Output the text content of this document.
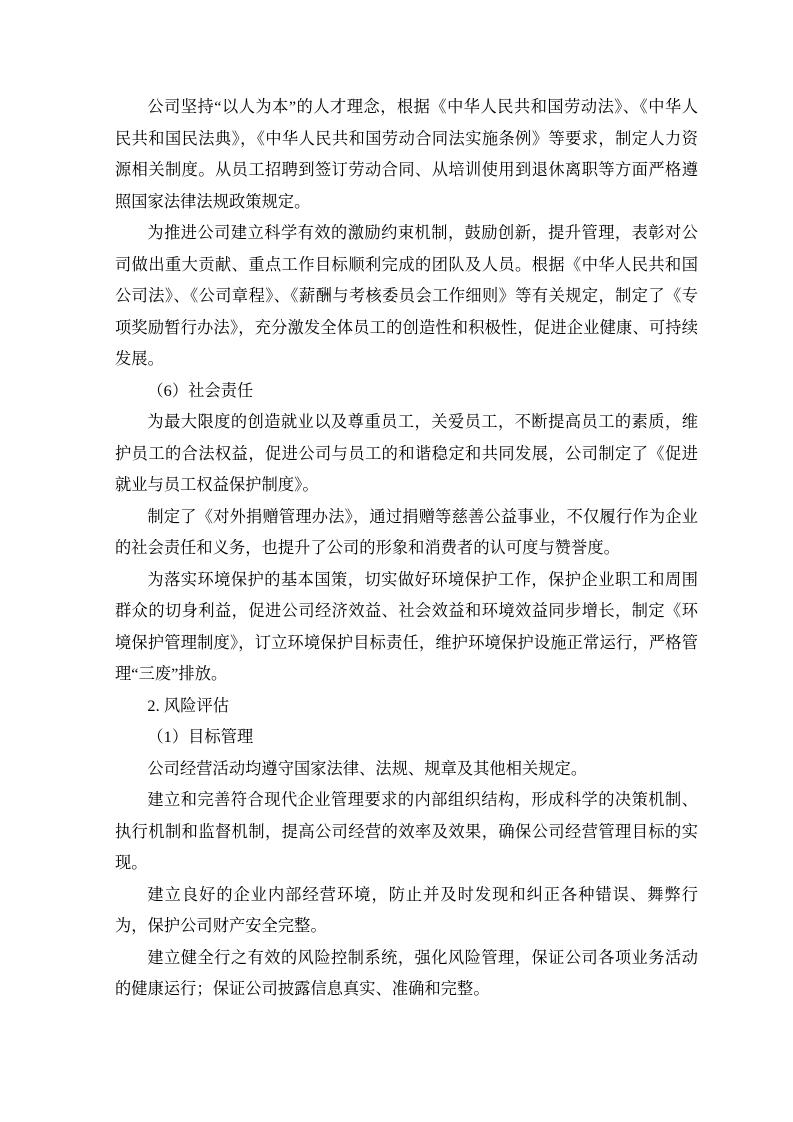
公司坚持“以人为本”的人才理念，根据《中华人民共和国劳动法》、《中华人民共和国民法典》，《中华人民共和国劳动合同法实施条例》等要求，制定人力资源相关制度。从员工招聘到签订劳动合同、从培训使用到退休离职等方面严格遵照国家法律法规政策规定。

为推进公司建立科学有效的激励约束机制，鼓励创新，提升管理，表彰对公司做出重大贡献、重点工作目标顺利完成的团队及人员。根据《中华人民共和国公司法》、《公司章程》、《薪酬与考核委员会工作细则》等有关规定，制定了《专项奖励暂行办法》，充分激发全体员工的创造性和积极性，促进企业健康、可持续发展。

（6）社会责任

为最大限度的创造就业以及尊重员工，关爱员工，不断提高员工的素质，维护员工的合法权益，促进公司与员工的和谐稳定和共同发展，公司制定了《促进就业与员工权益保护制度》。

制定了《对外捐赠管理办法》，通过捐赠等慈善公益事业，不仅履行作为企业的社会责任和义务，也提升了公司的形象和消费者的认可度与赞誉度。

为落实环境保护的基本国策，切实做好环境保护工作，保护企业职工和周围群众的切身利益，促进公司经济效益、社会效益和环境效益同步增长，制定《环境保护管理制度》，订立环境保护目标责任，维护环境保护设施正常运行，严格管理“三废”排放。

2. 风险评估

（1）目标管理

公司经营活动均遵守国家法律、法规、规章及其他相关规定。

建立和完善符合现代企业管理要求的内部组织结构，形成科学的决策机制、执行机制和监督机制，提高公司经营的效率及效果，确保公司经营管理目标的实现。

建立良好的企业内部经营环境，防止并及时发现和纠正各种错误、舞弊行为，保护公司财产安全完整。

建立健全行之有效的风险控制系统，强化风险管理，保证公司各项业务活动的健康运行；保证公司披露信息真实、准确和完整。
